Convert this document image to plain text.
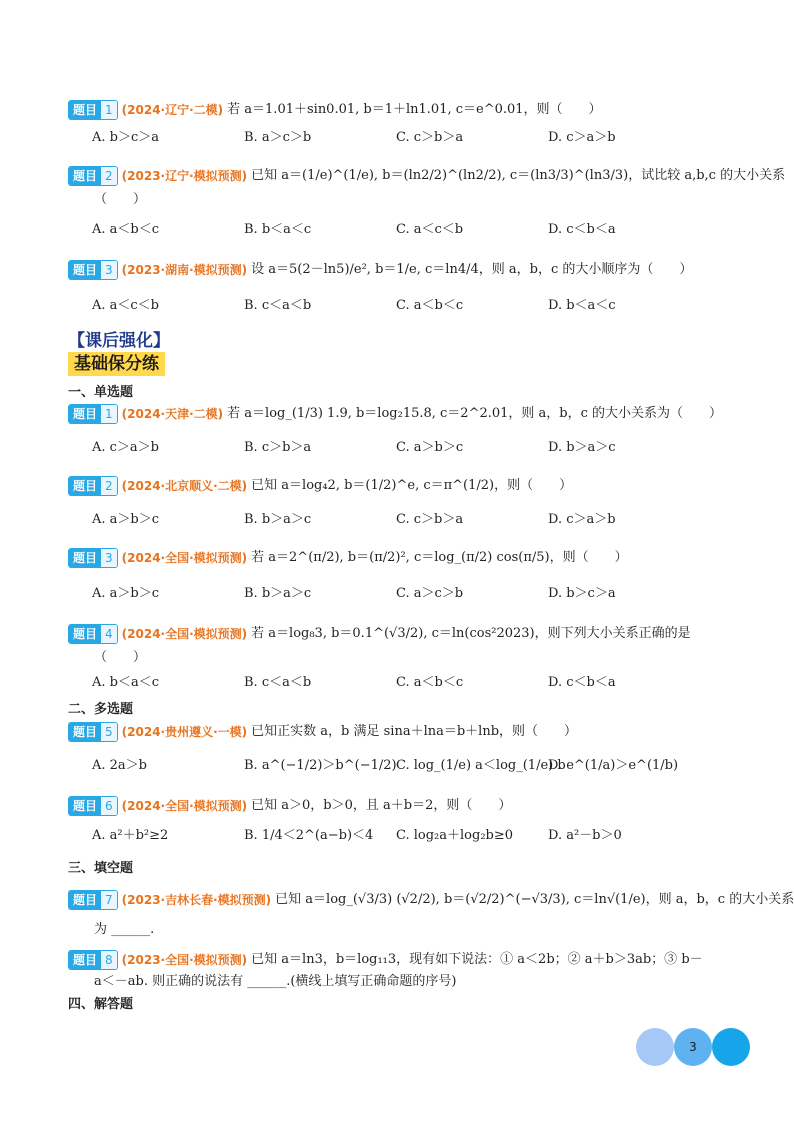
题目 1 (2024·辽宁·二模) 若 a＝1.01＋sin0.01, b＝1＋ln1.01, c＝e^0.01，则（　　）
A. b＞c＞a	B. a＞c＞b	C. c＞b＞a	D. c＞a＞b
题目 2 (2023·辽宁·模拟预测) 已知 a＝(1/e)^(1/e), b＝(ln2/2)^(ln2/2), c＝(ln3/3)^(ln3/3)，试比较 a,b,c 的大小关系
（　　）
A. a＜b＜c	B. b＜a＜c	C. a＜c＜b	D. c＜b＜a
题目 3 (2023·湖南·模拟预测) 设 a＝5(2－ln5)/e², b＝1/e, c＝ln4/4，则 a，b，c 的大小顺序为（　　）
A. a＜c＜b	B. c＜a＜b	C. a＜b＜c	D. b＜a＜c
【课后强化】
基础保分练
一、单选题
题目 1 (2024·天津·二模) 若 a＝log_(1/3) 1.9, b＝log₂15.8, c＝2^2.01，则 a，b，c 的大小关系为（　　）
A. c＞a＞b	B. c＞b＞a	C. a＞b＞c	D. b＞a＞c
题目 2 (2024·北京顺义·二模) 已知 a＝log₄2, b＝(1/2)^e, c＝π^(1/2)，则（　　）
A. a＞b＞c	B. b＞a＞c	C. c＞b＞a	D. c＞a＞b
题目 3 (2024·全国·模拟预测) 若 a＝2^(π/2), b＝(π/2)², c＝log_(π/2) cos(π/5)，则（　　）
A. a＞b＞c	B. b＞a＞c	C. a＞c＞b	D. b＞c＞a
题目 4 (2024·全国·模拟预测) 若 a＝log₈3, b＝0.1^(√3/2), c＝ln(cos²2023)，则下列大小关系正确的是
（　　）
A. b＜a＜c	B. c＜a＜b	C. a＜b＜c	D. c＜b＜a
二、多选题
题目 5 (2024·贵州遵义·一模) 已知正实数 a，b 满足 sina＋lna＝b＋lnb，则（　　）
A. 2a＞b	B. a^(−1/2)＞b^(−1/2) C. log_(1/e) a＜log_(1/e) b
D. e^(1/a)＞e^(1/b)
题目 6 (2024·全国·模拟预测) 已知 a＞0，b＞0，且 a＋b＝2，则（　　）
A. a²＋b²≥2	B. 1/4＜2^(a−b)＜4 C. log₂a＋log₂b≥0	D. a²－b＞0
三、填空题
题目 7 (2023·吉林长春·模拟预测) 已知 a＝log_(√3/3) (√2/2), b＝(√2/2)^(−√3/3), c＝ln√(1/e)，则 a，b，c 的大小关系
为 ______.
题目 8 (2023·全国·模拟预测) 已知 a＝ln3，b＝log₁₁3，现有如下说法：① a＜2b；② a＋b＞3ab；③ b－
a＜－ab. 则正确的说法有 ______.(横线上填写正确命题的序号)
四、解答题
3
